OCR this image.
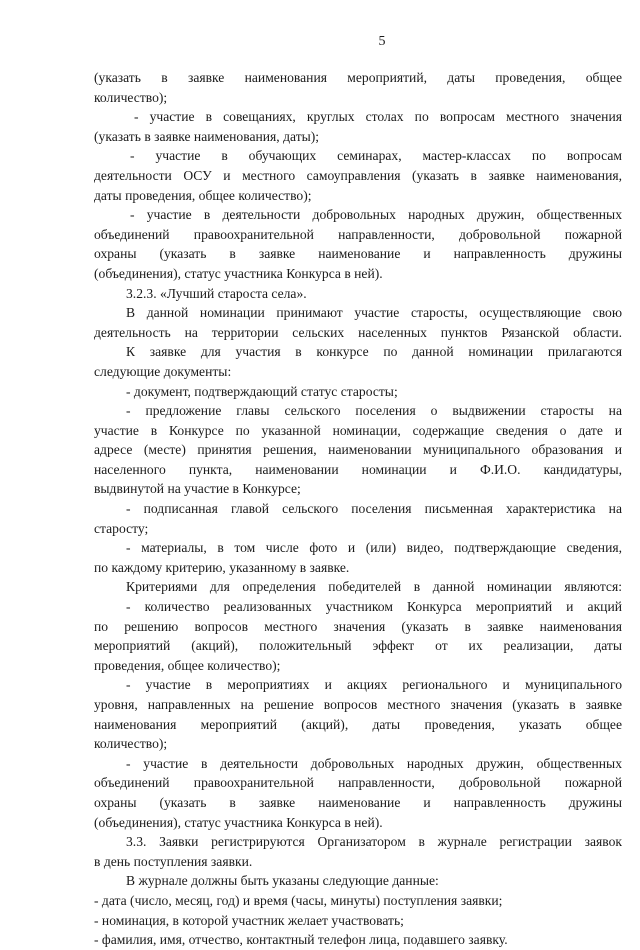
5
(указать в заявке наименования мероприятий, даты проведения, общее
количество);
- участие в совещаниях, круглых столах по вопросам местного значения
(указать в заявке наименования, даты);
- участие в обучающих семинарах, мастер-классах по вопросам
деятельности ОСУ и местного самоуправления (указать в заявке наименования,
даты проведения, общее количество);
- участие в деятельности добровольных народных дружин, общественных
объединений правоохранительной направленности, добровольной пожарной
охраны (указать в заявке наименование и направленность дружины
(объединения), статус участника Конкурса в ней).
3.2.3. «Лучший староста села».
В данной номинации принимают участие старосты, осуществляющие свою
деятельность на территории сельских населенных пунктов Рязанской области.
К заявке для участия в конкурсе по данной номинации прилагаются
следующие документы:
- документ, подтверждающий статус старосты;
- предложение главы сельского поселения о выдвижении старосты на
участие в Конкурсе по указанной номинации, содержащие сведения о дате и
адресе (месте) принятия решения, наименовании муниципального образования и
населенного пункта, наименовании номинации и Ф.И.О. кандидатуры,
выдвинутой на участие в Конкурсе;
- подписанная главой сельского поселения письменная характеристика на
старосту;
- материалы, в том числе фото и (или) видео, подтверждающие сведения,
по каждому критерию, указанному в заявке.
Критериями для определения победителей в данной номинации являются:
- количество реализованных участником Конкурса мероприятий и акций
по решению вопросов местного значения (указать в заявке наименования
мероприятий (акций), положительный эффект от их реализации, даты
проведения, общее количество);
- участие в мероприятиях и акциях регионального и муниципального
уровня, направленных на решение вопросов местного значения (указать в заявке
наименования мероприятий (акций), даты проведения, указать общее
количество);
- участие в деятельности добровольных народных дружин, общественных
объединений правоохранительной направленности, добровольной пожарной
охраны (указать в заявке наименование и направленность дружины
(объединения), статус участника Конкурса в ней).
3.3. Заявки регистрируются Организатором в журнале регистрации заявок
в день поступления заявки.
В журнале должны быть указаны следующие данные:
- дата (число, месяц, год) и время (часы, минуты) поступления заявки;
- номинация, в которой участник желает участвовать;
- фамилия, имя, отчество, контактный телефон лица, подавшего заявку.
